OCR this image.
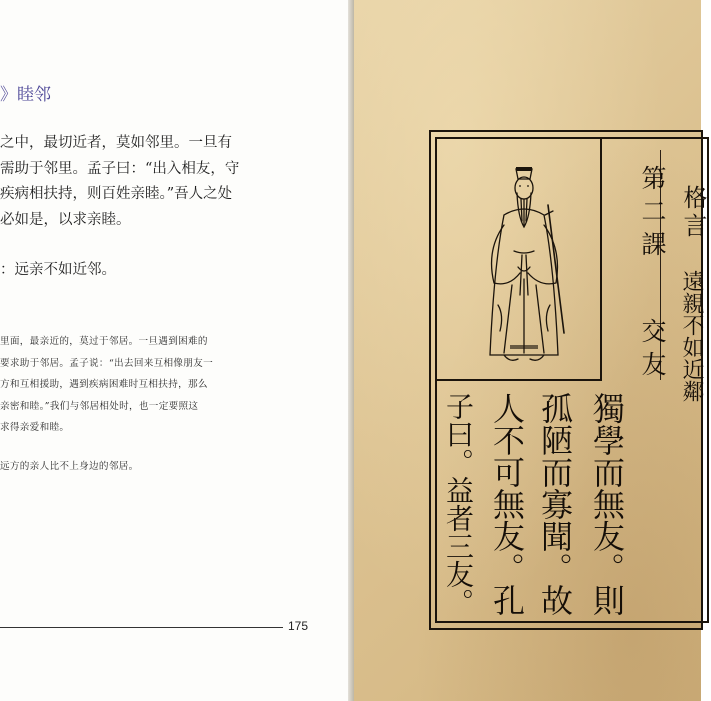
》睦邻
之中，最切近者，莫如邻里。一旦有
需助于邻里。孟子曰：“出入相友，守
疾病相扶持，则百姓亲睦。”吾人之处
必如是，以求亲睦。
：远亲不如近邻。
里面，最亲近的，莫过于邻居。一旦遇到困难的
要求助于邻居。孟子说：“出去回来互相像朋友一
方和互相援助，遇到疾病困难时互相扶持，那么
亲密和睦。”我们与邻居相处时，也一定要照这
求得亲爱和睦。
远方的亲人比不上身边的邻居。
175
格言
遠親不如近鄰
第二課
交友
獨學而無友。則
孤陋而寡聞。故
人不可無友。孔
子曰。益者三友。
